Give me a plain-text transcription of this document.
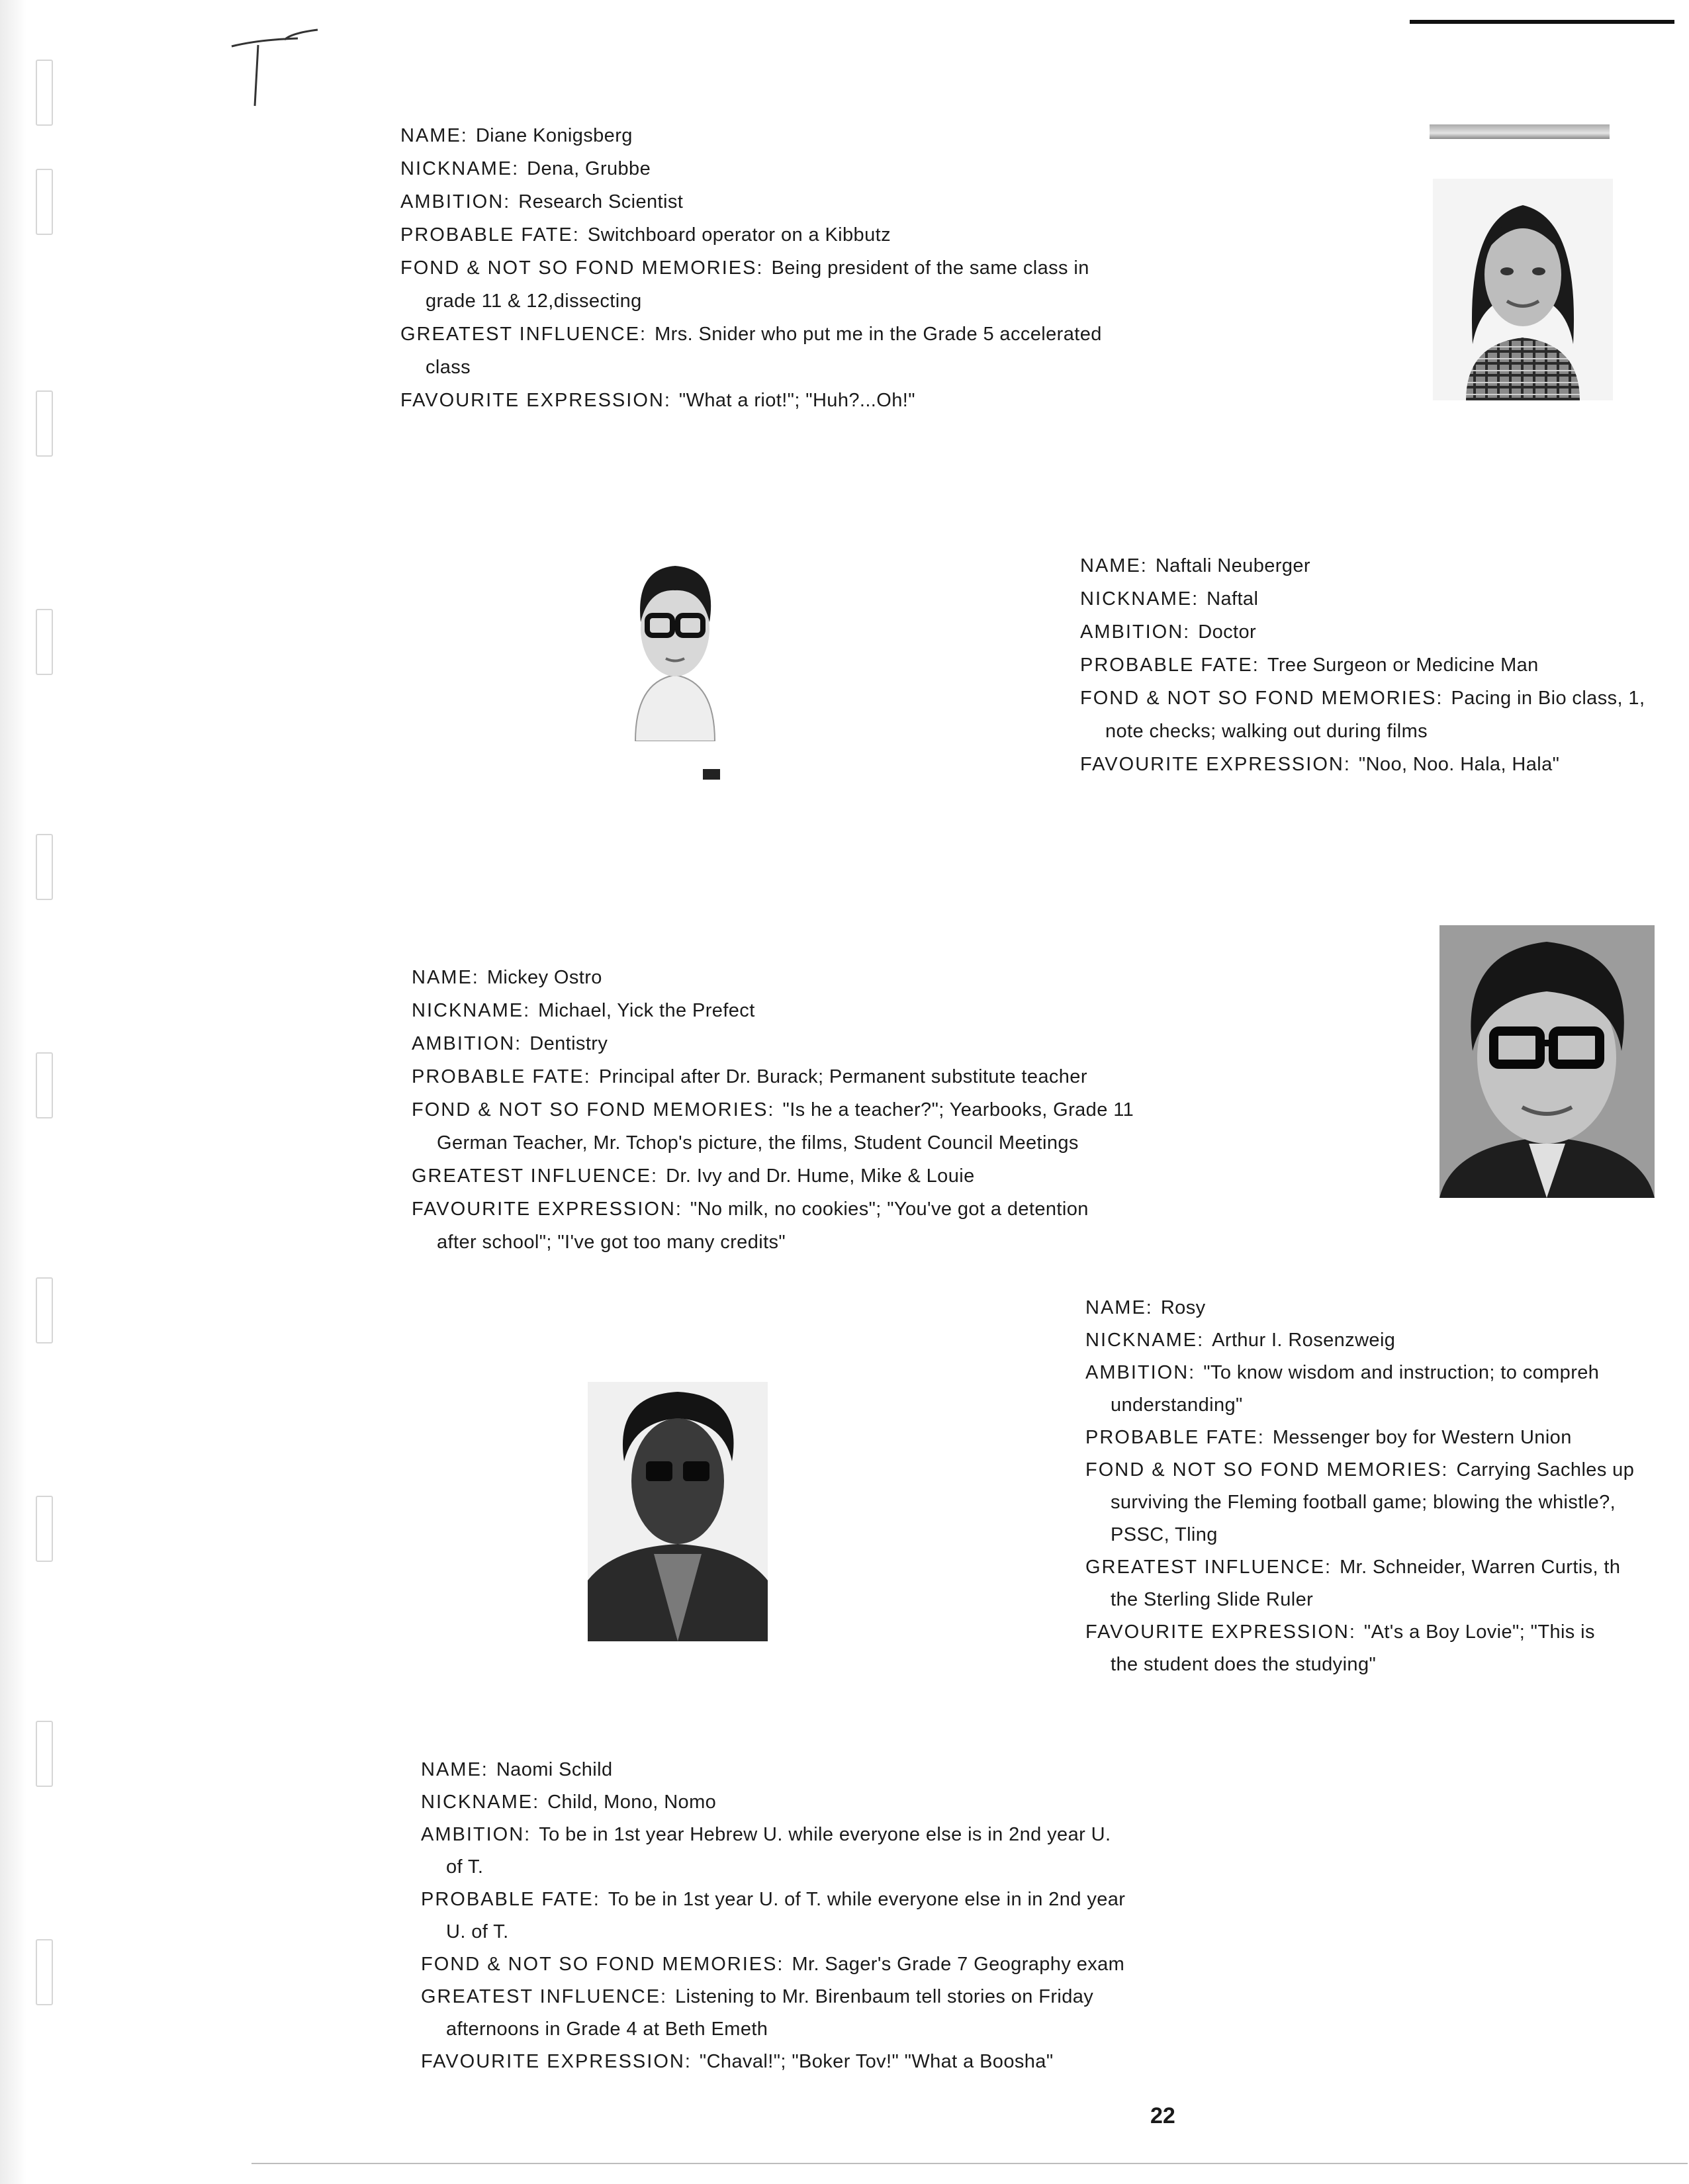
NAME: Diane Konigsberg
NICKNAME: Dena, Grubbe
AMBITION: Research Scientist
PROBABLE FATE: Switchboard operator on a Kibbutz
FOND & NOT SO FOND MEMORIES: Being president of the same class in
grade 11 & 12,dissecting
GREATEST INFLUENCE: Mrs. Snider who put me in the Grade 5 accelerated
class
FAVOURITE EXPRESSION: "What a riot!"; "Huh?...Oh!"
NAME: Naftali Neuberger
NICKNAME: Naftal
AMBITION: Doctor
PROBABLE FATE: Tree Surgeon or Medicine Man
FOND & NOT SO FOND MEMORIES: Pacing in Bio class, 1,
note checks; walking out during films
FAVOURITE EXPRESSION: "Noo, Noo. Hala, Hala"
NAME: Mickey Ostro
NICKNAME: Michael, Yick the Prefect
AMBITION: Dentistry
PROBABLE FATE: Principal after Dr. Burack; Permanent substitute teacher
FOND & NOT SO FOND MEMORIES: "Is he a teacher?"; Yearbooks, Grade 11
German Teacher, Mr. Tchop's picture, the films, Student Council Meetings
GREATEST INFLUENCE: Dr. Ivy and Dr. Hume, Mike & Louie
FAVOURITE EXPRESSION: "No milk, no cookies"; "You've got a detention
after school"; "I've got too many credits"
NAME: Rosy
NICKNAME: Arthur I. Rosenzweig
AMBITION: "To know wisdom and instruction; to compreh
understanding"
PROBABLE FATE: Messenger boy for Western Union
FOND & NOT SO FOND MEMORIES: Carrying Sachles up
surviving the Fleming football game; blowing the whistle?,
PSSC, Tling
GREATEST INFLUENCE: Mr. Schneider, Warren Curtis, th
the Sterling Slide Ruler
FAVOURITE EXPRESSION: "At's a Boy Lovie"; "This is
the student does the studying"
NAME: Naomi Schild
NICKNAME: Child, Mono, Nomo
AMBITION: To be in 1st year Hebrew U. while everyone else is in 2nd year U.
of T.
PROBABLE FATE: To be in 1st year U. of T. while everyone else in in 2nd year
U. of T.
FOND & NOT SO FOND MEMORIES: Mr. Sager's Grade 7 Geography exam
GREATEST INFLUENCE: Listening to Mr. Birenbaum tell stories on Friday
afternoons in Grade 4 at Beth Emeth
FAVOURITE EXPRESSION: "Chaval!"; "Boker Tov!" "What a Boosha"
22
